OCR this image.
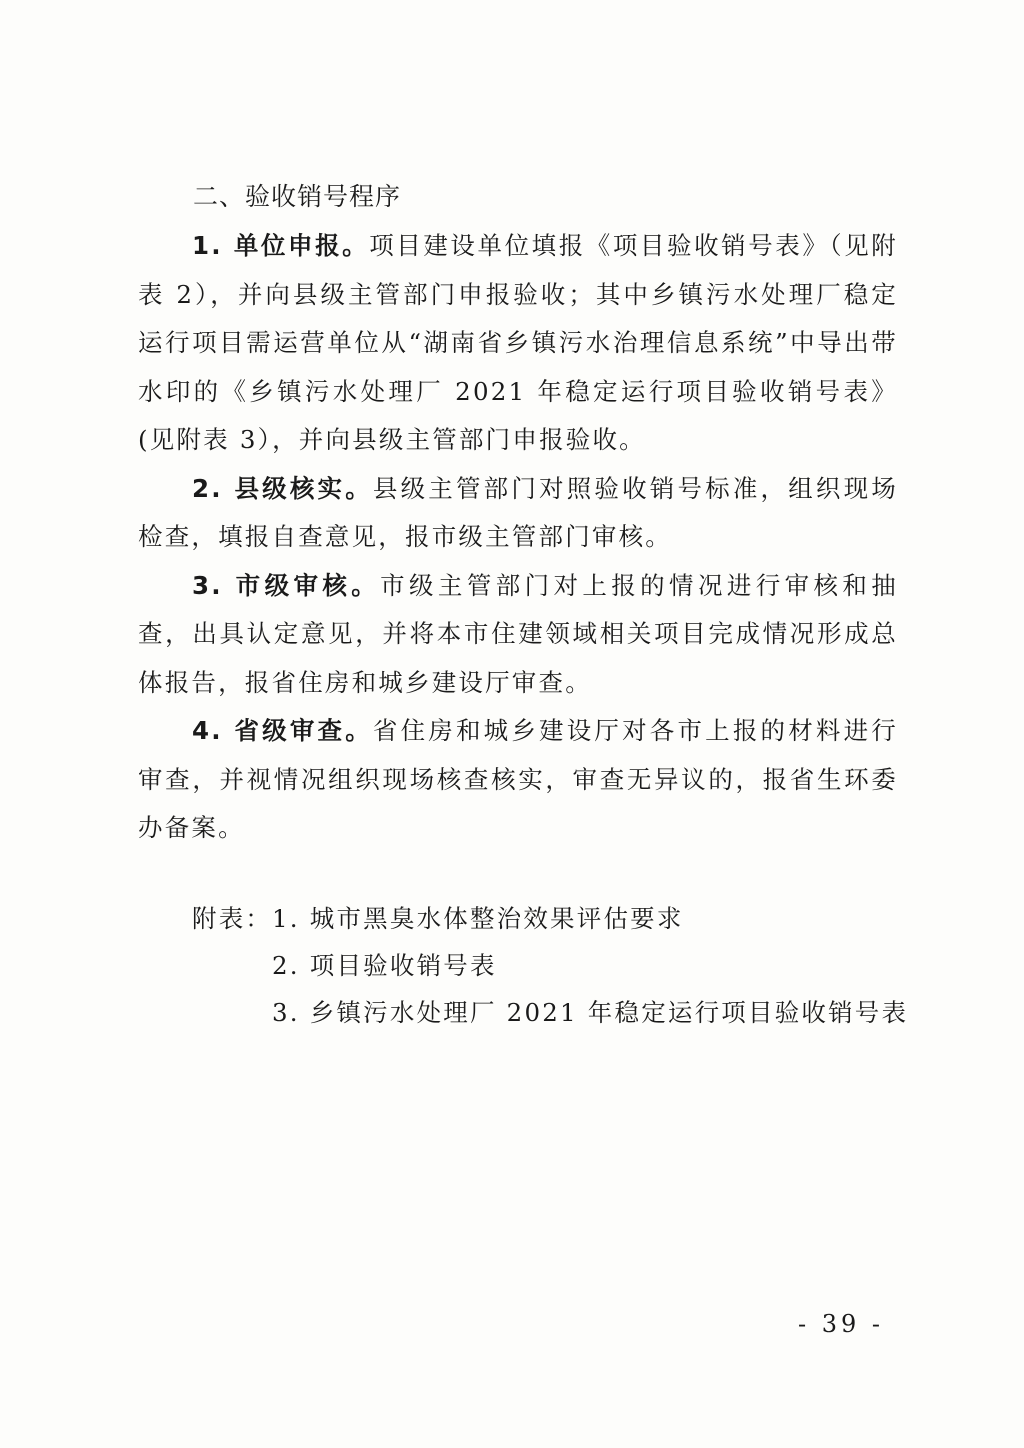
二、验收销号程序

1. 单位申报。项目建设单位填报《项目验收销号表》（见附表 2），并向县级主管部门申报验收；其中乡镇污水处理厂稳定运行项目需运营单位从“湖南省乡镇污水治理信息系统”中导出带水印的《乡镇污水处理厂 2021 年稳定运行项目验收销号表》(见附表 3），并向县级主管部门申报验收。

2. 县级核实。县级主管部门对照验收销号标准，组织现场检查，填报自查意见，报市级主管部门审核。

3. 市级审核。市级主管部门对上报的情况进行审核和抽查，出具认定意见，并将本市住建领域相关项目完成情况形成总体报告，报省住房和城乡建设厅审查。

4. 省级审查。省住房和城乡建设厅对各市上报的材料进行审查，并视情况组织现场核查核实，审查无异议的，报省生环委办备案。

附表：1. 城市黑臭水体整治效果评估要求
2. 项目验收销号表
3. 乡镇污水处理厂 2021 年稳定运行项目验收销号表
- 39 -
